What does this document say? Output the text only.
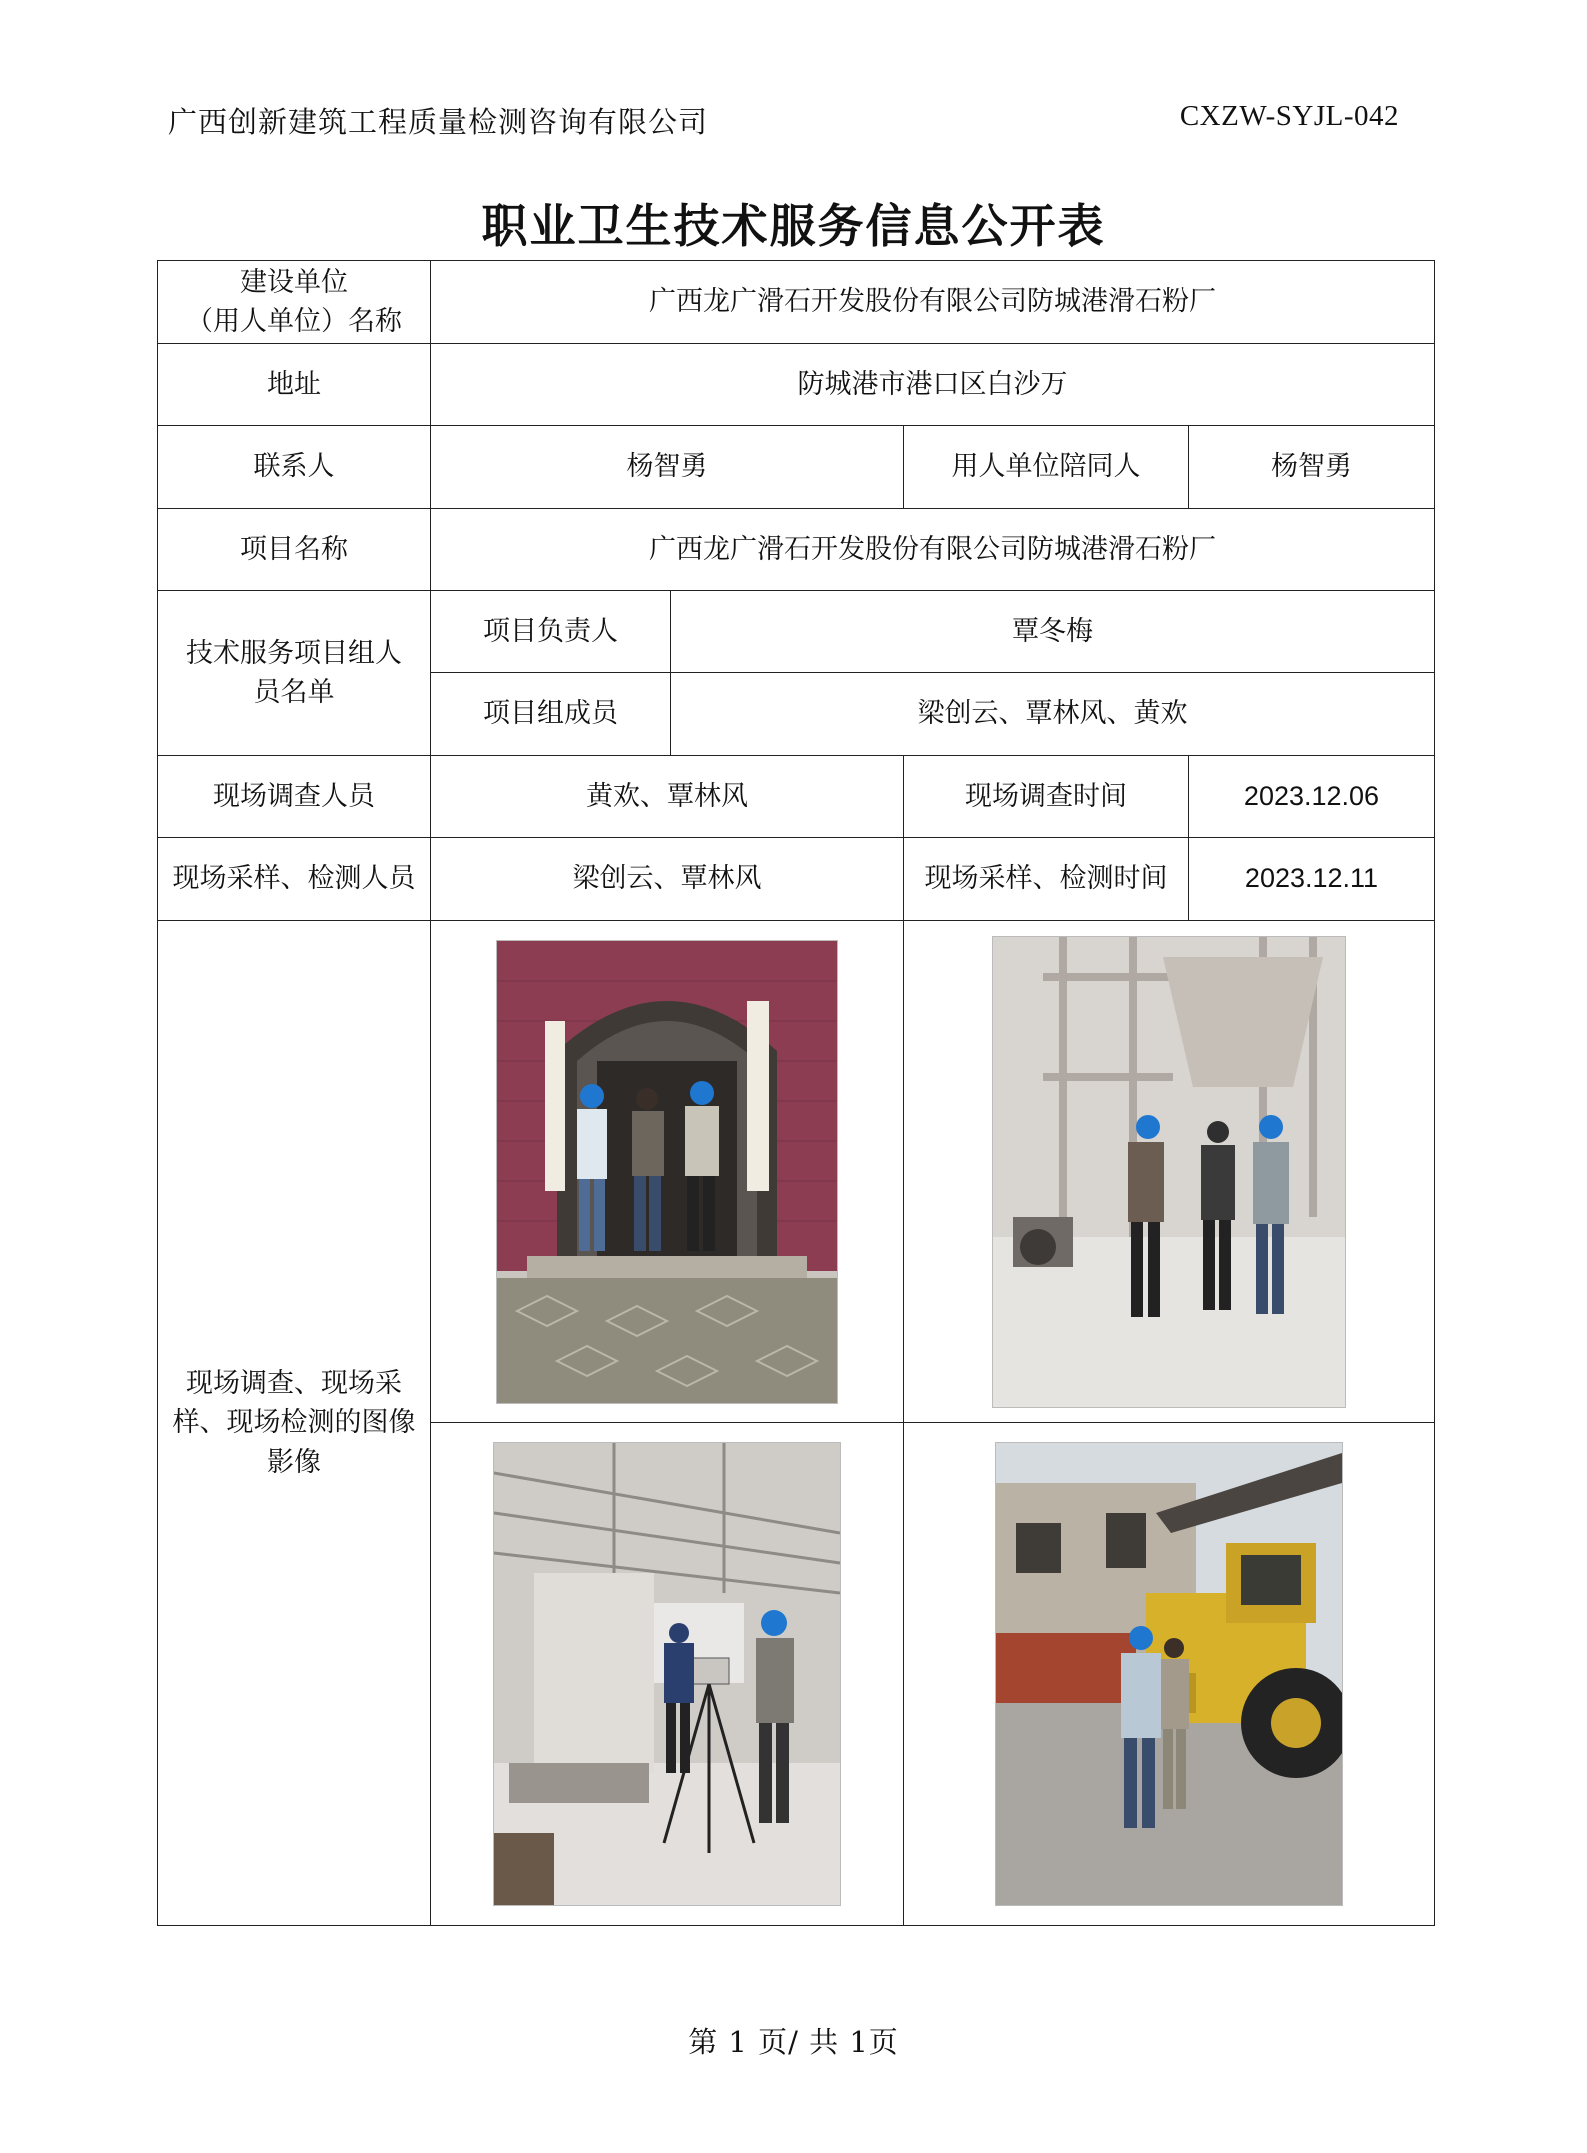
广西创新建筑工程质量检测咨询有限公司	CXZW-SYJL-042
职业卫生技术服务信息公开表
建设单位
（用人单位）名称	广西龙广滑石开发股份有限公司防城港滑石粉厂			
地址	防城港市港口区白沙万			
联系人	杨智勇		用人单位陪同人	杨智勇
项目名称	广西龙广滑石开发股份有限公司防城港滑石粉厂			
技术服务项目组人
员名单	项目负责人	覃冬梅		
	项目组成员	梁创云、覃林风、黄欢		
现场调查人员	黄欢、覃林风		现场调查时间	2023.12.06
现场采样、检测人员	梁创云、覃林风		现场采样、检测时间	2023.12.11
现场调查、现场采
样、现场检测的图像
影像	

第 1 页/ 共 1页
